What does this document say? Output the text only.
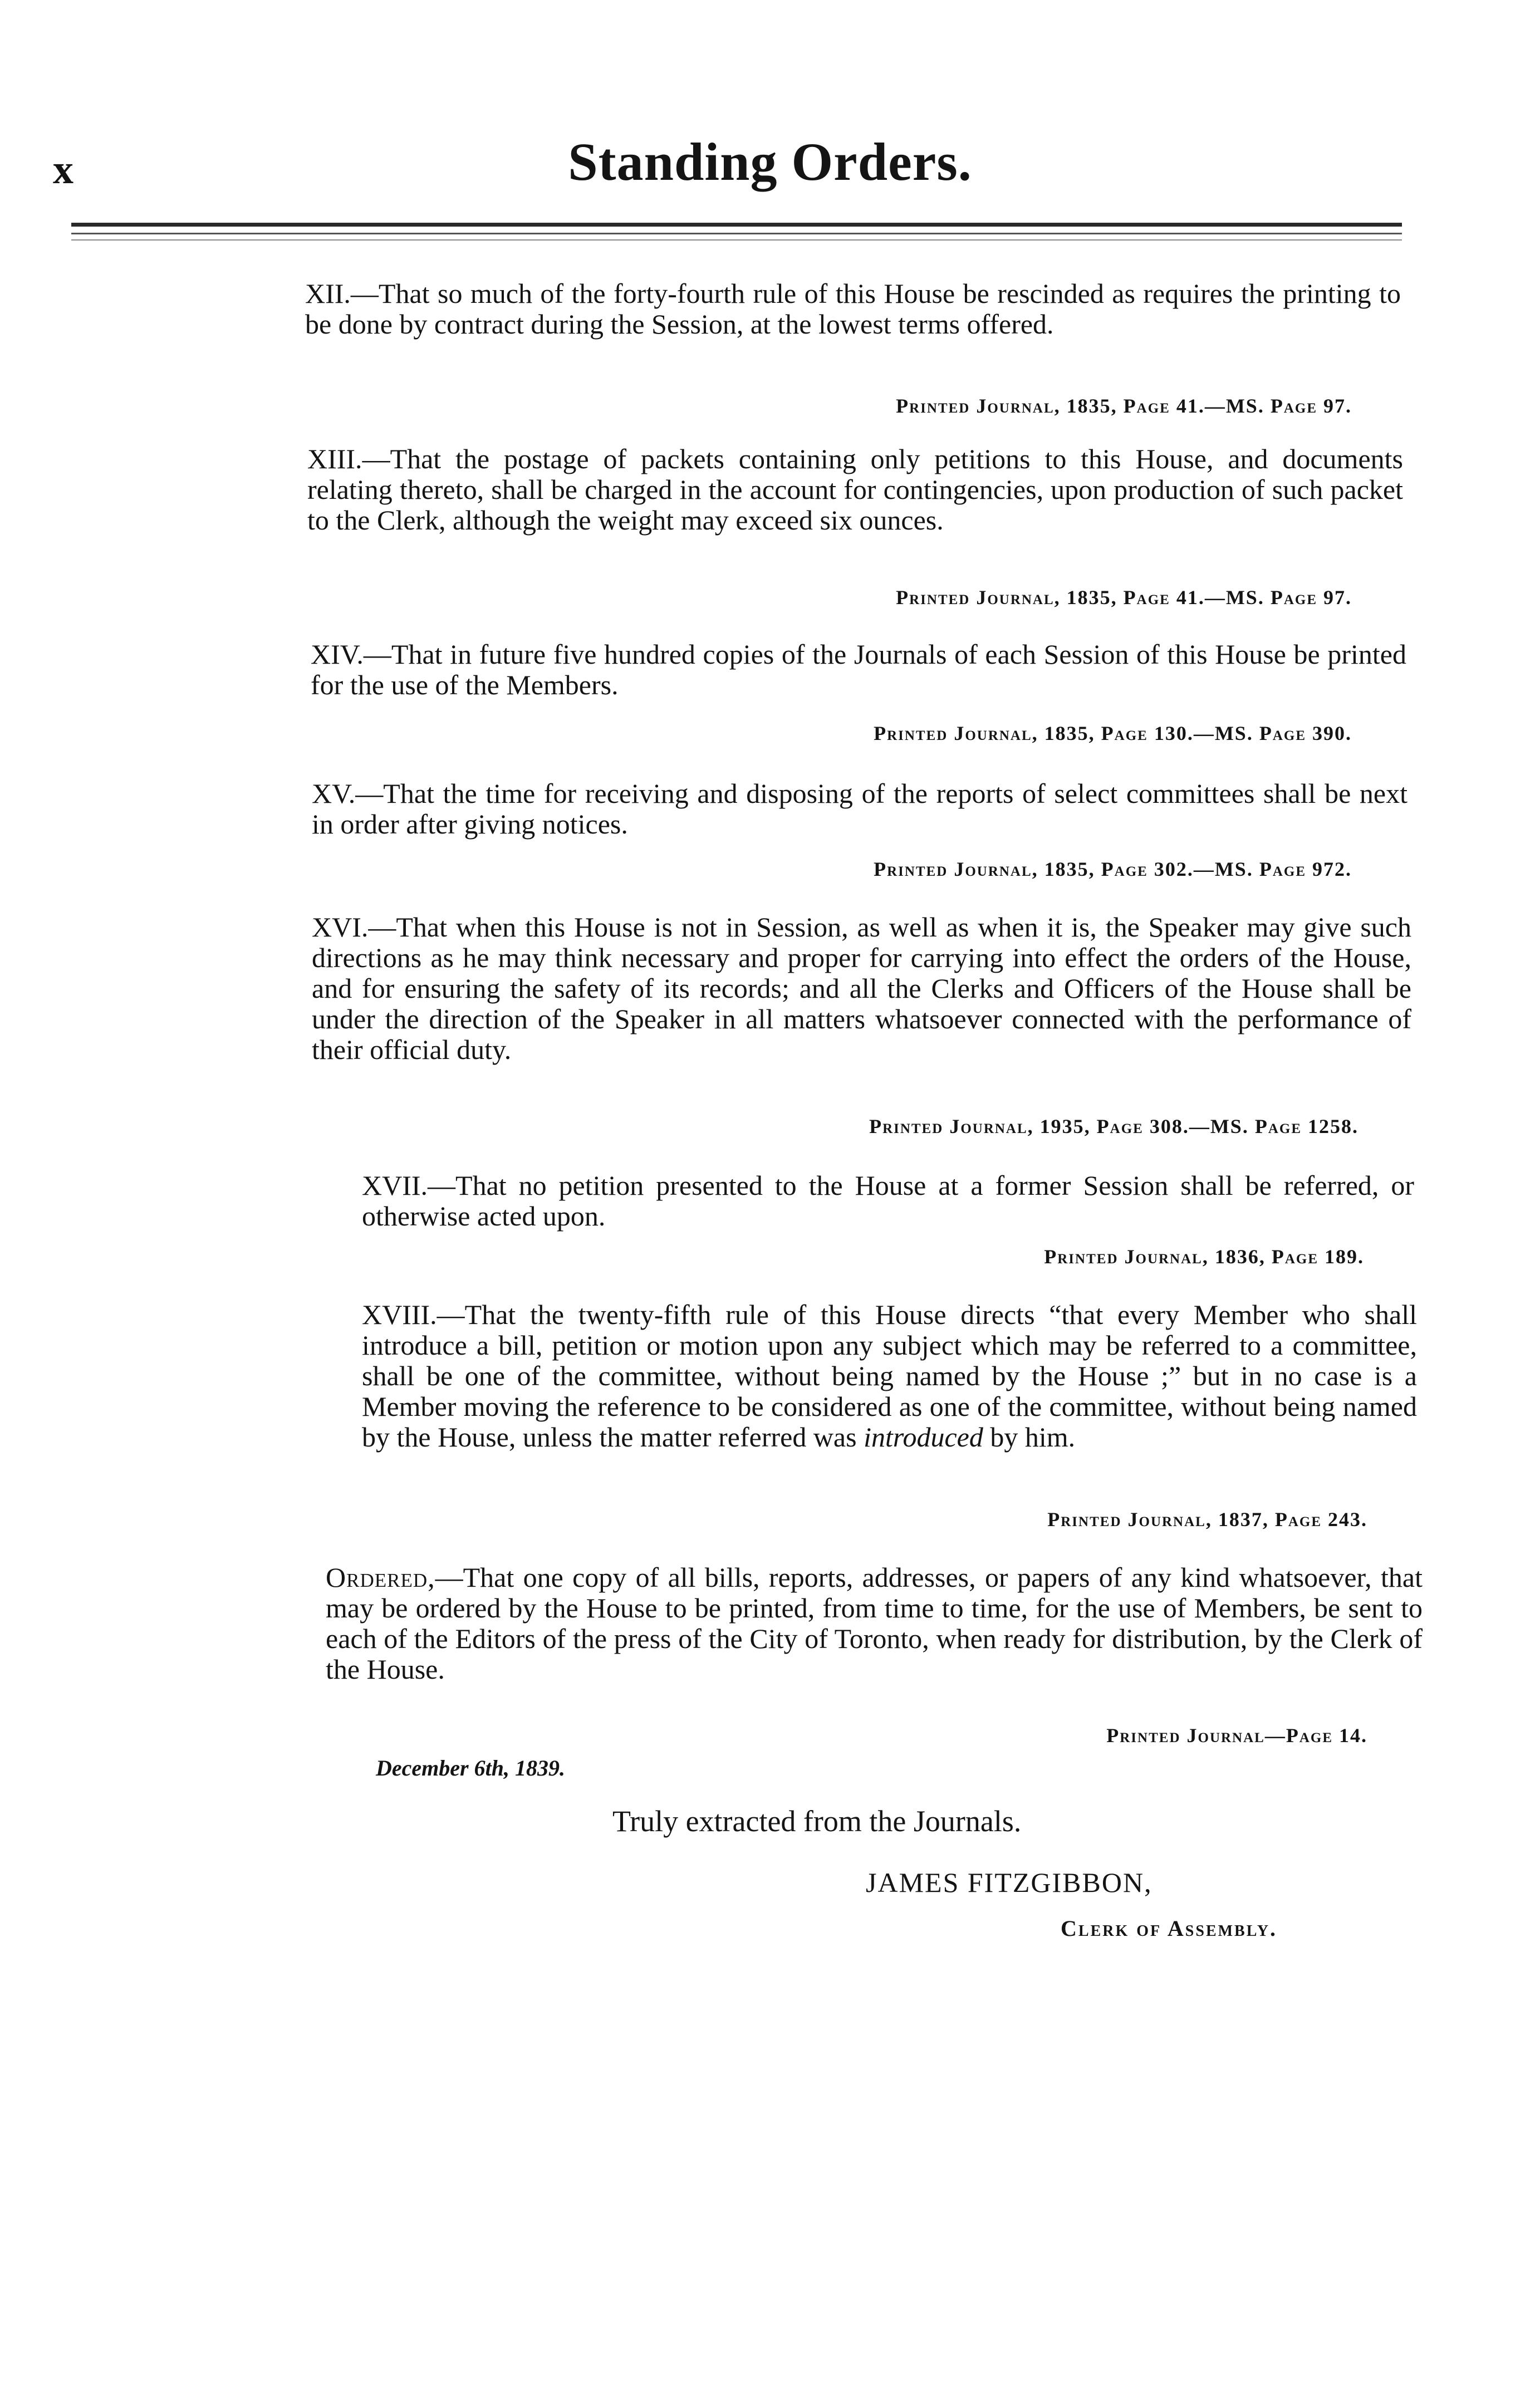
x	Standing Orders.
XII.—That so much of the forty-fourth rule of this House be rescinded as requires the printing to be done by contract during the Session, at the lowest terms offered.
Printed Journal, 1835, Page 41.—MS. Page 97.
XIII.—That the postage of packets containing only petitions to this House, and documents relating thereto, shall be charged in the account for contingencies, upon production of such packet to the Clerk, although the weight may exceed six ounces.
Printed Journal, 1835, Page 41.—MS. Page 97.
XIV.—That in future five hundred copies of the Journals of each Session of this House be printed for the use of the Members.
Printed Journal, 1835, Page 130.—MS. Page 390.
XV.—That the time for receiving and disposing of the reports of select committees shall be next in order after giving notices.
Printed Journal, 1835, Page 302.—MS. Page 972.
XVI.—That when this House is not in Session, as well as when it is, the Speaker may give such directions as he may think necessary and proper for carrying into effect the orders of the House, and for ensuring the safety of its records; and all the Clerks and Officers of the House shall be under the direction of the Speaker in all matters whatsoever connected with the performance of their official duty.
Printed Journal, 1935, Page 308.—MS. Page 1258.
XVII.—That no petition presented to the House at a former Session shall be referred, or otherwise acted upon.
Printed Journal, 1836, Page 189.
XVIII.—That the twenty-fifth rule of this House directs “that every Member who shall introduce a bill, petition or motion upon any subject which may be referred to a committee, shall be one of the committee, without being named by the House ;” but in no case is a Member moving the reference to be considered as one of the committee, without being named by the House, unless the matter referred was introduced by him.
Printed Journal, 1837, Page 243.
Ordered,—That one copy of all bills, reports, addresses, or papers of any kind whatsoever, that may be ordered by the House to be printed, from time to time, for the use of Members, be sent to each of the Editors of the press of the City of Toronto, when ready for distribution, by the Clerk of the House.
Printed Journal—Page 14.
December 6th, 1839.
Truly extracted from the Journals.
JAMES FITZGIBBON,
Clerk of Assembly.
